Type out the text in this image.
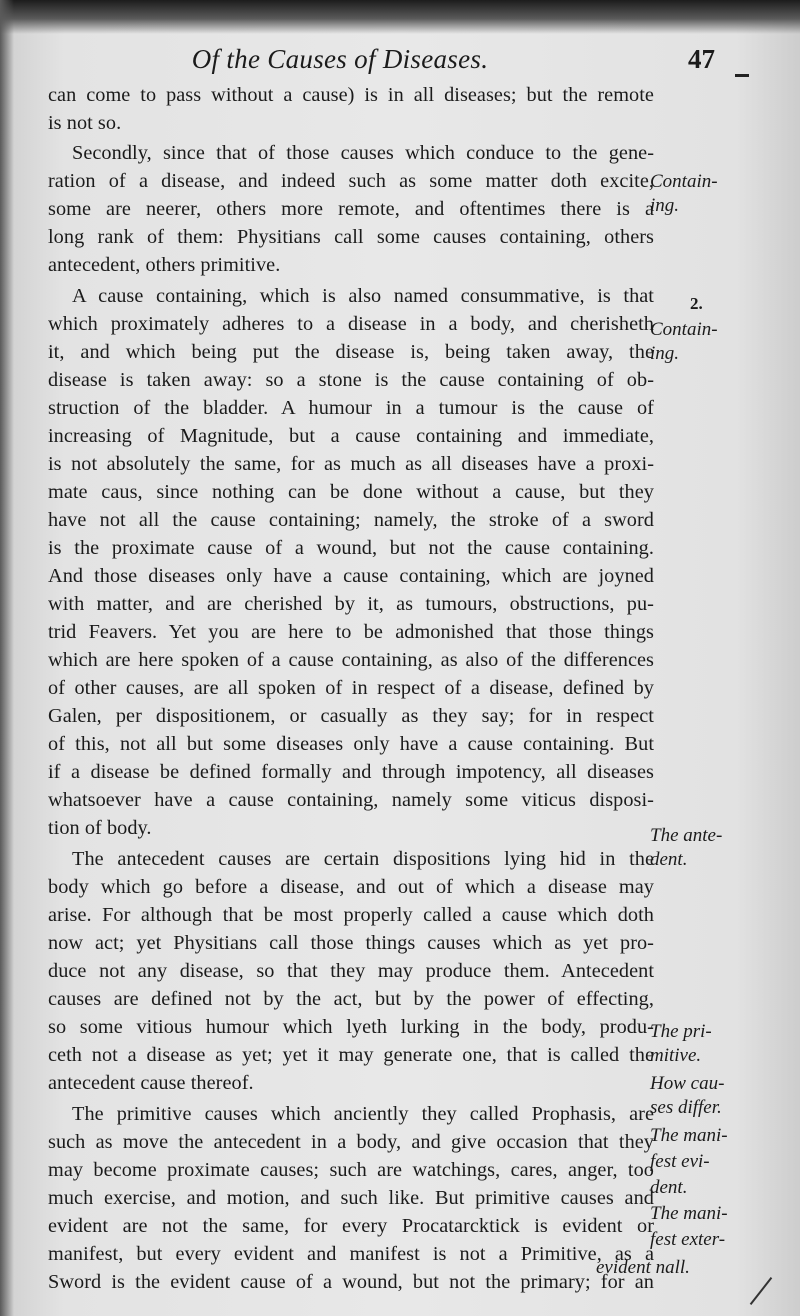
Of the Causes of Diseases.	47
can come to pass without a cause) is in all diseases; but the remote
is not so.
Secondly, since that of those causes which conduce to the gene-
ration of a disease, and indeed such as some matter doth excite,
some are neerer, others more remote, and oftentimes there is a
long rank of them: Physitians call some causes containing, others
antecedent, others primitive.
A cause containing, which is also named consummative, is that
which proximately adheres to a disease in a body, and cherisheth
it, and which being put the disease is, being taken away, the
disease is taken away: so a stone is the cause containing of ob-
struction of the bladder. A humour in a tumour is the cause of
increasing of Magnitude, but a cause containing and immediate,
is not absolutely the same, for as much as all diseases have a proxi-
mate caus, since nothing can be done without a cause, but they
have not all the cause containing; namely, the stroke of a sword
is the proximate cause of a wound, but not the cause containing.
And those diseases only have a cause containing, which are joyned
with matter, and are cherished by it, as tumours, obstructions, pu-
trid Feavers. Yet you are here to be admonished that those things
which are here spoken of a cause containing, as also of the differences
of other causes, are all spoken of in respect of a disease, defined by
Galen, per dispositionem, or casually as they say; for in respect
of this, not all but some diseases only have a cause containing. But
if a disease be defined formally and through impotency, all diseases
whatsoever have a cause containing, namely some viticus disposi-
tion of body.
The antecedent causes are certain dispositions lying hid in the
body which go before a disease, and out of which a disease may
arise. For although that be most properly called a cause which doth
now act; yet Physitians call those things causes which as yet pro-
duce not any disease, so that they may produce them. Antecedent
causes are defined not by the act, but by the power of effecting,
so some vitious humour which lyeth lurking in the body, produ-
ceth not a disease as yet; yet it may generate one, that is called the
antecedent cause thereof.
The primitive causes which anciently they called Prophasis, are
such as move the antecedent in a body, and give occasion that they
may become proximate causes; such are watchings, cares, anger, too
much exercise, and motion, and such like. But primitive causes and
evident are not the same, for every Procatarcktick is evident or
manifest, but every evident and manifest is not a Primitive, as a
Sword is the evident cause of a wound, but not the primary; for an
Contain-
ing.
2.
Contain-
ing.
The ante-
dent.
The pri-
mitive.
How cau-
ses differ.
The mani-
fest evi-
dent.
The mani-
fest exter-
evident nall.
